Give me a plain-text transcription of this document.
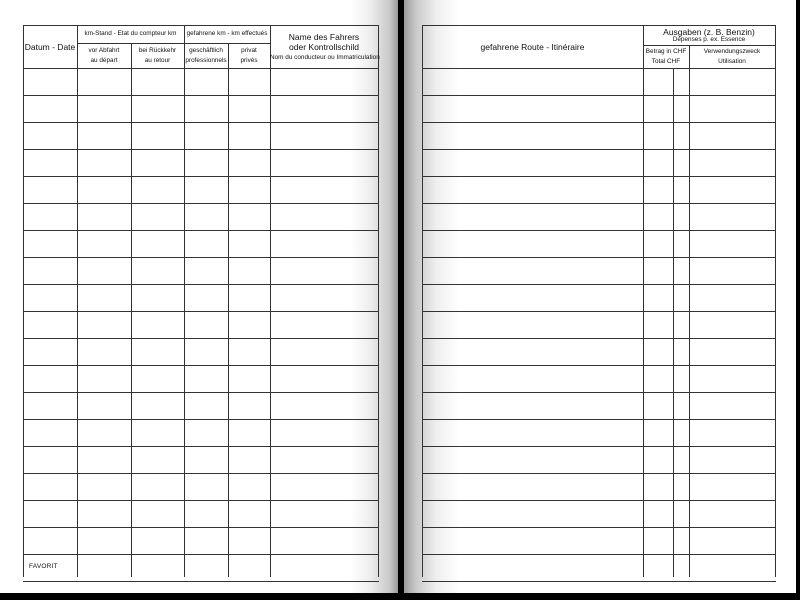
Datum - Date
km-Stand - Etat du compteur km
vor Abfahrt
au départ
bei Rückkehr
au retour
gefahrene km - km effectués
geschäftlich
professionnels
privat
privés
Name des Fahrers
oder Kontrollschild
Nom du conducteur ou Immatriculation
FAVORIT
gefahrene Route - Itinéraire
Ausgaben (z. B. Benzin)
Dépenses p. ex. Essence
Betrag in CHF
Total CHF
Verwendungszweck
Utilisation
